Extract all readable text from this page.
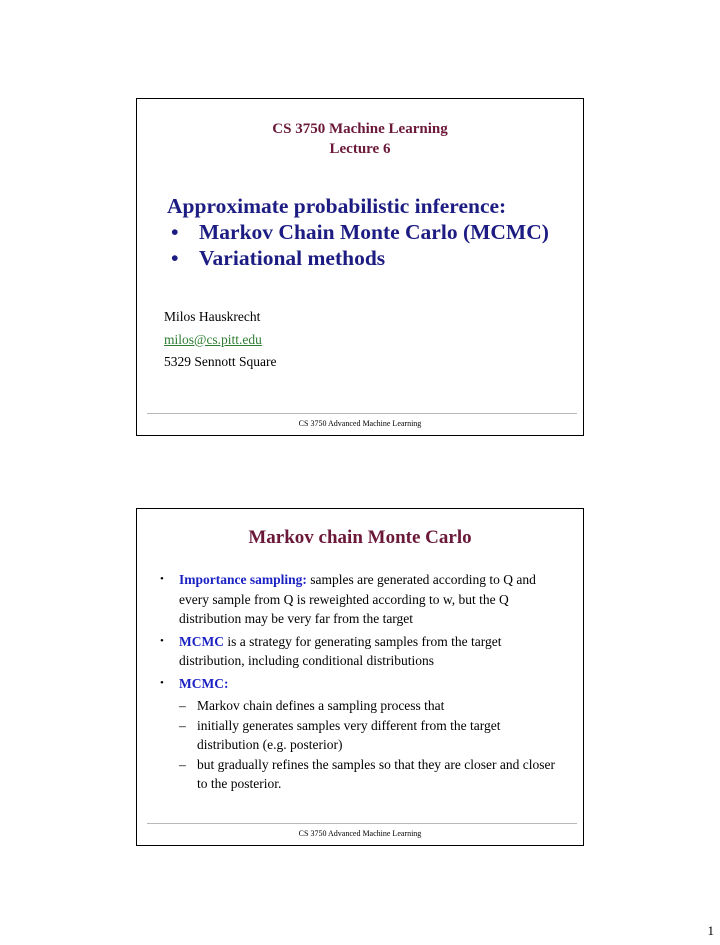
CS 3750 Machine Learning
Lecture 6
Approximate probabilistic inference:
• Markov Chain Monte Carlo (MCMC)
• Variational methods
Milos Hauskrecht
milos@cs.pitt.edu
5329 Sennott Square
CS 3750 Advanced Machine Learning
Markov chain Monte Carlo
• Importance sampling: samples are generated according to Q and every sample from Q is reweighted according to w, but the Q distribution may be very far from the target
• MCMC is a strategy for generating samples from the target distribution, including conditional distributions
• MCMC:
– Markov chain defines a sampling process that
– initially generates samples very different from the target distribution (e.g. posterior)
– but gradually refines the samples so that they are closer and closer to the posterior.
CS 3750 Advanced Machine Learning
1
